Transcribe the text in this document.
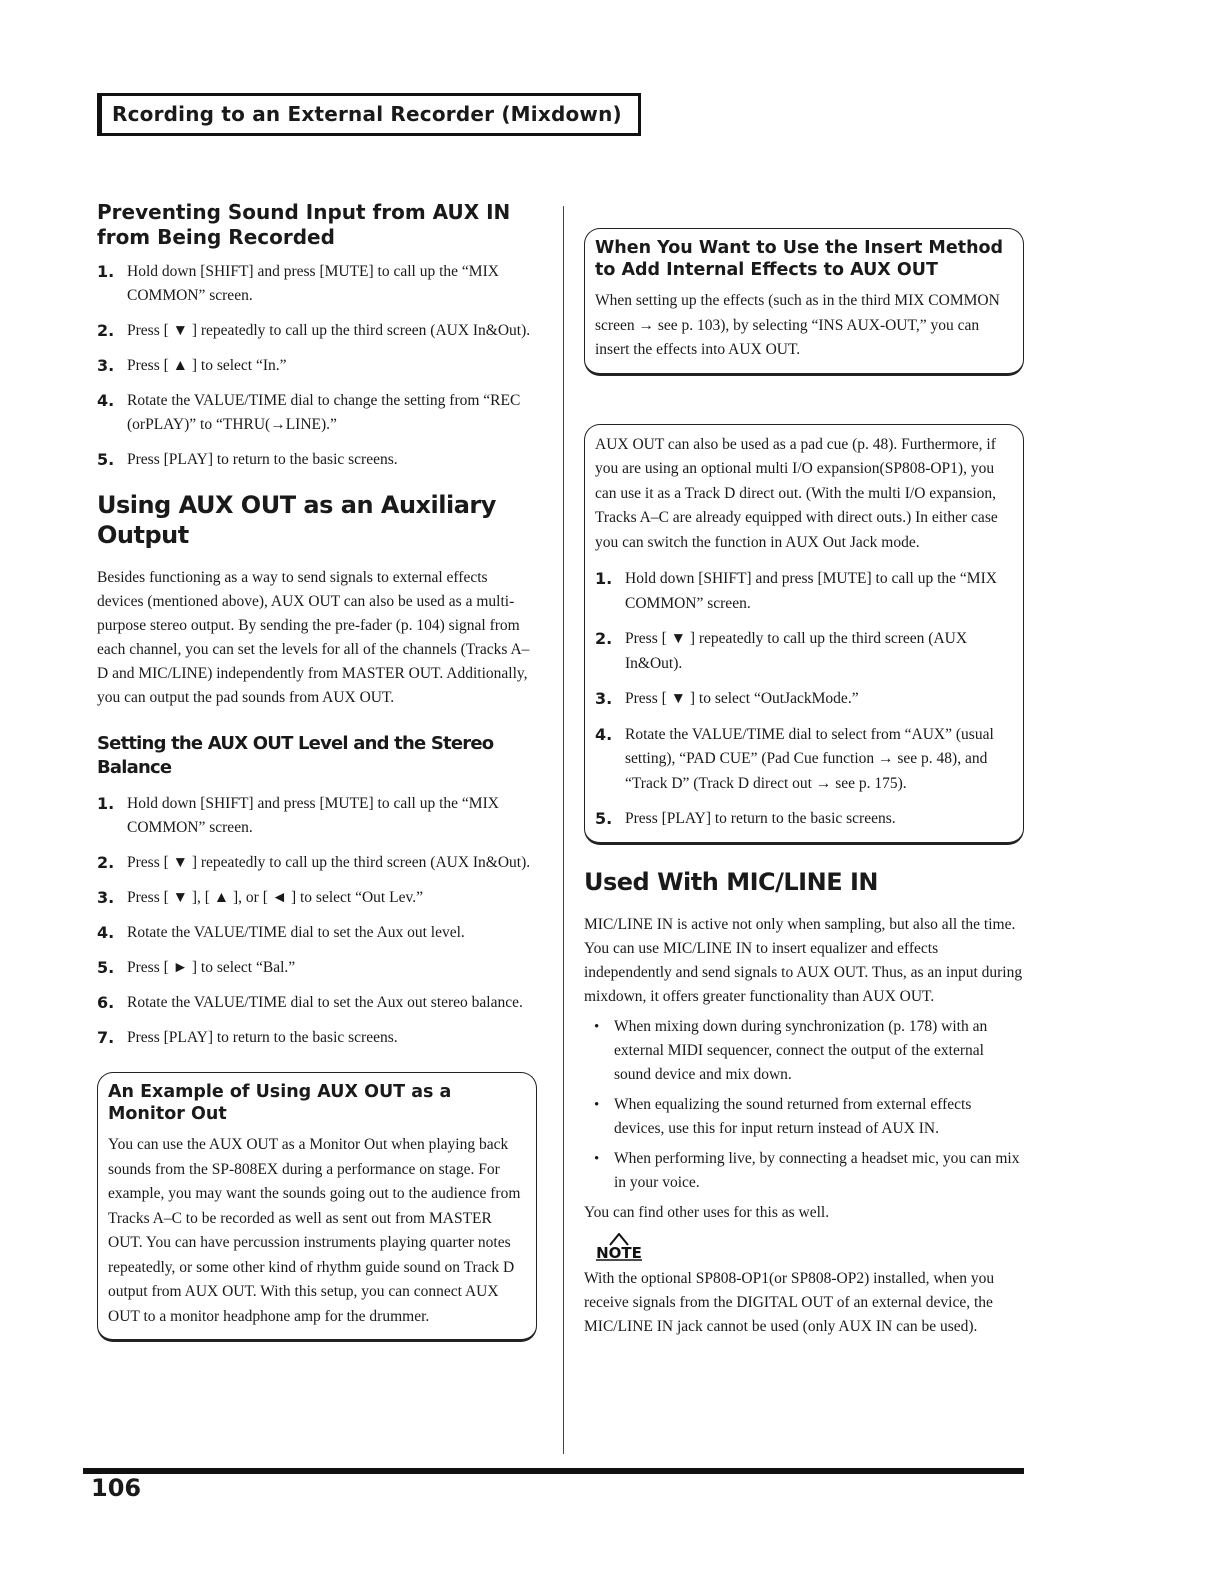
Rcording to an External Recorder (Mixdown)
Preventing Sound Input from AUX IN from Being Recorded
1. Hold down [SHIFT] and press [MUTE] to call up the “MIX COMMON” screen.
2. Press [ ▼ ] repeatedly to call up the third screen (AUX In&Out).
3. Press [ ▲ ] to select “In.”
4. Rotate the VALUE/TIME dial to change the setting from “REC (orPLAY)” to “THRU(→LINE).”
5. Press [PLAY] to return to the basic screens.
Using AUX OUT as an Auxiliary Output

Besides functioning as a way to send signals to external effects devices (mentioned above), AUX OUT can also be used as a multi-purpose stereo output. By sending the pre-fader (p. 104) signal from each channel, you can set the levels for all of the channels (Tracks A–D and MIC/LINE) independently from MASTER OUT. Additionally, you can output the pad sounds from AUX OUT.

Setting the AUX OUT Level and the Stereo Balance
1. Hold down [SHIFT] and press [MUTE] to call up the “MIX COMMON” screen.
2. Press [ ▼ ] repeatedly to call up the third screen (AUX In&Out).
3. Press [ ▼ ], [ ▲ ], or [ ◄ ] to select “Out Lev.”
4. Rotate the VALUE/TIME dial to set the Aux out level.
5. Press [ ► ] to select “Bal.”
6. Rotate the VALUE/TIME dial to set the Aux out stereo balance.
7. Press [PLAY] to return to the basic screens.
An Example of Using AUX OUT as a Monitor Out

You can use the AUX OUT as a Monitor Out when playing back sounds from the SP-808EX during a performance on stage. For example, you may want the sounds going out to the audience from Tracks A–C to be recorded as well as sent out from MASTER OUT. You can have percussion instruments playing quarter notes repeatedly, or some other kind of rhythm guide sound on Track D output from AUX OUT. With this setup, you can connect AUX OUT to a monitor headphone amp for the drummer.

When You Want to Use the Insert Method to Add Internal Effects to AUX OUT

When setting up the effects (such as in the third MIX COMMON screen → see p. 103), by selecting “INS AUX-OUT,” you can insert the effects into AUX OUT.

AUX OUT can also be used as a pad cue (p. 48). Furthermore, if you are using an optional multi I/O expansion(SP808-OP1), you can use it as a Track D direct out. (With the multi I/O expansion, Tracks A–C are already equipped with direct outs.) In either case you can switch the function in AUX Out Jack mode.

1. Hold down [SHIFT] and press [MUTE] to call up the “MIX COMMON” screen.
2. Press [ ▼ ] repeatedly to call up the third screen (AUX In&Out).
3. Press [ ▼ ] to select “OutJackMode.”
4. Rotate the VALUE/TIME dial to select from “AUX” (usual setting), “PAD CUE” (Pad Cue function → see p. 48), and “Track D” (Track D direct out → see p. 175).
5. Press [PLAY] to return to the basic screens.
Used With MIC/LINE IN

MIC/LINE IN is active not only when sampling, but also all the time. You can use MIC/LINE IN to insert equalizer and effects independently and send signals to AUX OUT. Thus, as an input during mixdown, it offers greater functionality than AUX OUT.

• When mixing down during synchronization (p. 178) with an external MIDI sequencer, connect the output of the external sound device and mix down.
• When equalizing the sound returned from external effects devices, use this for input return instead of AUX IN.
• When performing live, by connecting a headset mic, you can mix in your voice.

You can find other uses for this as well.

NOTE

With the optional SP808-OP1(or SP808-OP2) installed, when you receive signals from the DIGITAL OUT of an external device, the MIC/LINE IN jack cannot be used (only AUX IN can be used).

106
